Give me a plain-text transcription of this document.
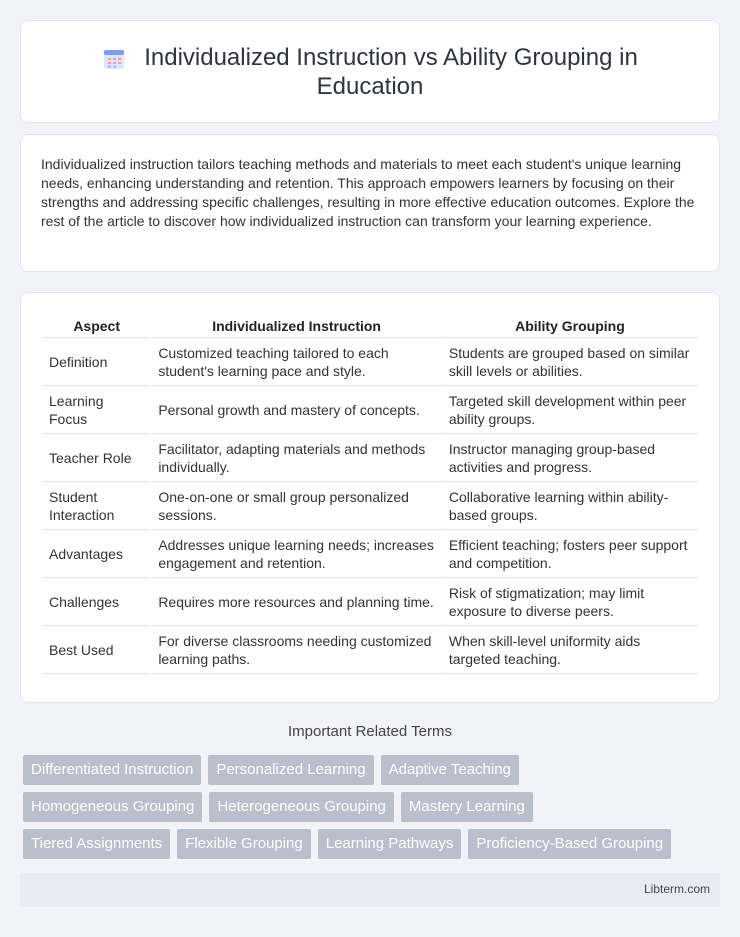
Individualized Instruction vs Ability Grouping in
Education

Individualized instruction tailors teaching methods and materials to meet each student's unique learning needs, enhancing understanding and retention. This approach empowers learners by focusing on their strengths and addressing specific challenges, resulting in more effective education outcomes. Explore the rest of the article to discover how individualized instruction can transform your learning experience.

Aspect	Individualized Instruction	Ability Grouping
Definition	Customized teaching tailored to each student's learning pace and style.	Students are grouped based on similar skill levels or abilities.
Learning Focus	Personal growth and mastery of concepts.	Targeted skill development within peer ability groups.
Teacher Role	Facilitator, adapting materials and methods individually.	Instructor managing group-based activities and progress.
Student Interaction	One-on-one or small group personalized sessions.	Collaborative learning within ability-based groups.
Advantages	Addresses unique learning needs; increases engagement and retention.	Efficient teaching; fosters peer support and competition.
Challenges	Requires more resources and planning time.	Risk of stigmatization; may limit exposure to diverse peers.
Best Used	For diverse classrooms needing customized learning paths.	When skill-level uniformity aids targeted teaching.
Important Related Terms
Differentiated Instruction	Personalized Learning	Adaptive Teaching
Homogeneous Grouping	Heterogeneous Grouping	Mastery Learning
Tiered Assignments	Flexible Grouping	Learning Pathways	Proficiency-Based Grouping
Libterm.com
